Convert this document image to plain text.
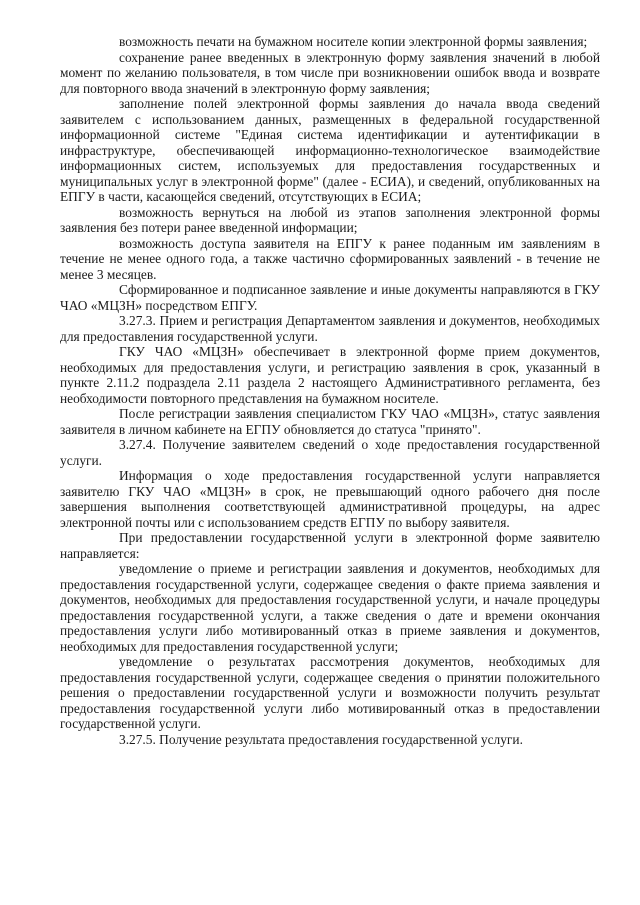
возможность печати на бумажном носителе копии электронной формы заявления;

сохранение ранее введенных в электронную форму заявления значений в любой момент по желанию пользователя, в том числе при возникновении ошибок ввода и возврате для повторного ввода значений в электронную форму заявления;

заполнение полей электронной формы заявления до начала ввода сведений заявителем с использованием данных, размещенных в федеральной государственной информационной системе "Единая система идентификации и аутентификации в инфраструктуре, обеспечивающей информационно-технологическое взаимодействие информационных систем, используемых для предоставления государственных и муниципальных услуг в электронной форме" (далее - ЕСИА), и сведений, опубликованных на ЕПГУ в части, касающейся сведений, отсутствующих в ЕСИА;

возможность вернуться на любой из этапов заполнения электронной формы заявления без потери ранее введенной информации;

возможность доступа заявителя на ЕПГУ к ранее поданным им заявлениям в течение не менее одного года, а также частично сформированных заявлений - в течение не менее 3 месяцев.

Сформированное и подписанное заявление и иные документы направляются в ГКУ ЧАО «МЦЗН» посредством ЕПГУ.

3.27.3. Прием и регистрация Департаментом заявления и документов, необходимых для предоставления государственной услуги.

ГКУ ЧАО «МЦЗН» обеспечивает в электронной форме прием документов, необходимых для предоставления услуги, и регистрацию заявления в срок, указанный в пункте 2.11.2 подраздела 2.11 раздела 2 настоящего Административного регламента, без необходимости повторного представления на бумажном носителе.

После регистрации заявления специалистом ГКУ ЧАО «МЦЗН», статус заявления заявителя в личном кабинете на ЕГПУ обновляется до статуса "принято".

3.27.4. Получение заявителем сведений о ходе предоставления государственной услуги.

Информация о ходе предоставления государственной услуги направляется заявителю ГКУ ЧАО «МЦЗН» в срок, не превышающий одного рабочего дня после завершения выполнения соответствующей административной процедуры, на адрес электронной почты или с использованием средств ЕГПУ по выбору заявителя.

При предоставлении государственной услуги в электронной форме заявителю направляется:

уведомление о приеме и регистрации заявления и документов, необходимых для предоставления государственной услуги, содержащее сведения о факте приема заявления и документов, необходимых для предоставления государственной услуги, и начале процедуры предоставления государственной услуги, а также сведения о дате и времени окончания предоставления услуги либо мотивированный отказ в приеме заявления и документов, необходимых для предоставления государственной услуги;

уведомление о результатах рассмотрения документов, необходимых для предоставления государственной услуги, содержащее сведения о принятии положительного решения о предоставлении государственной услуги и возможности получить результат предоставления государственной услуги либо мотивированный отказ в предоставлении государственной услуги.

3.27.5. Получение результата предоставления государственной услуги.
